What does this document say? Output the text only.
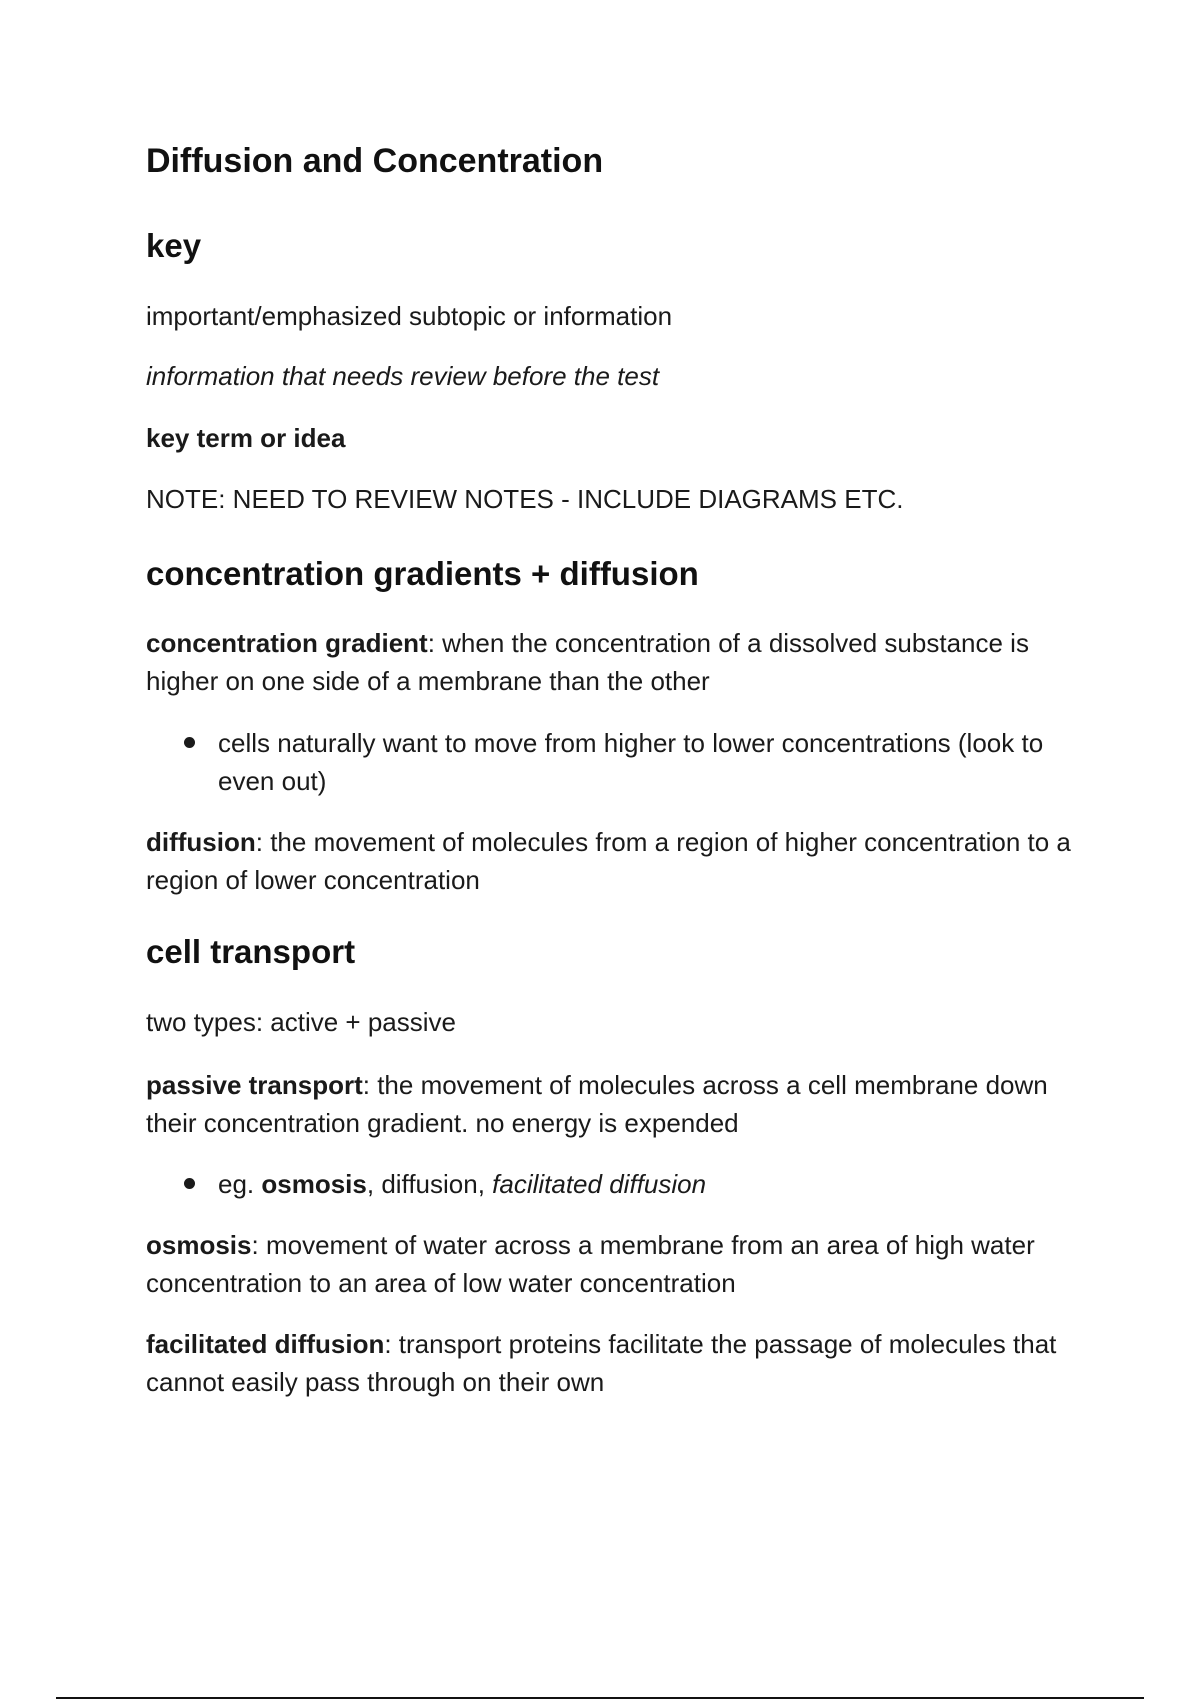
Diffusion and Concentration
key

important/emphasized subtopic or information

information that needs review before the test

key term or idea

NOTE: NEED TO REVIEW NOTES - INCLUDE DIAGRAMS ETC.

concentration gradients + diffusion

concentration gradient: when the concentration of a dissolved substance is higher on one side of a membrane than the other

cells naturally want to move from higher to lower concentrations (look to even out)

diffusion: the movement of molecules from a region of higher concentration to a region of lower concentration

cell transport

two types: active + passive

passive transport: the movement of molecules across a cell membrane down their concentration gradient. no energy is expended

eg. osmosis, diffusion, facilitated diffusion

osmosis: movement of water across a membrane from an area of high water concentration to an area of low water concentration

facilitated diffusion: transport proteins facilitate the passage of molecules that cannot easily pass through on their own
